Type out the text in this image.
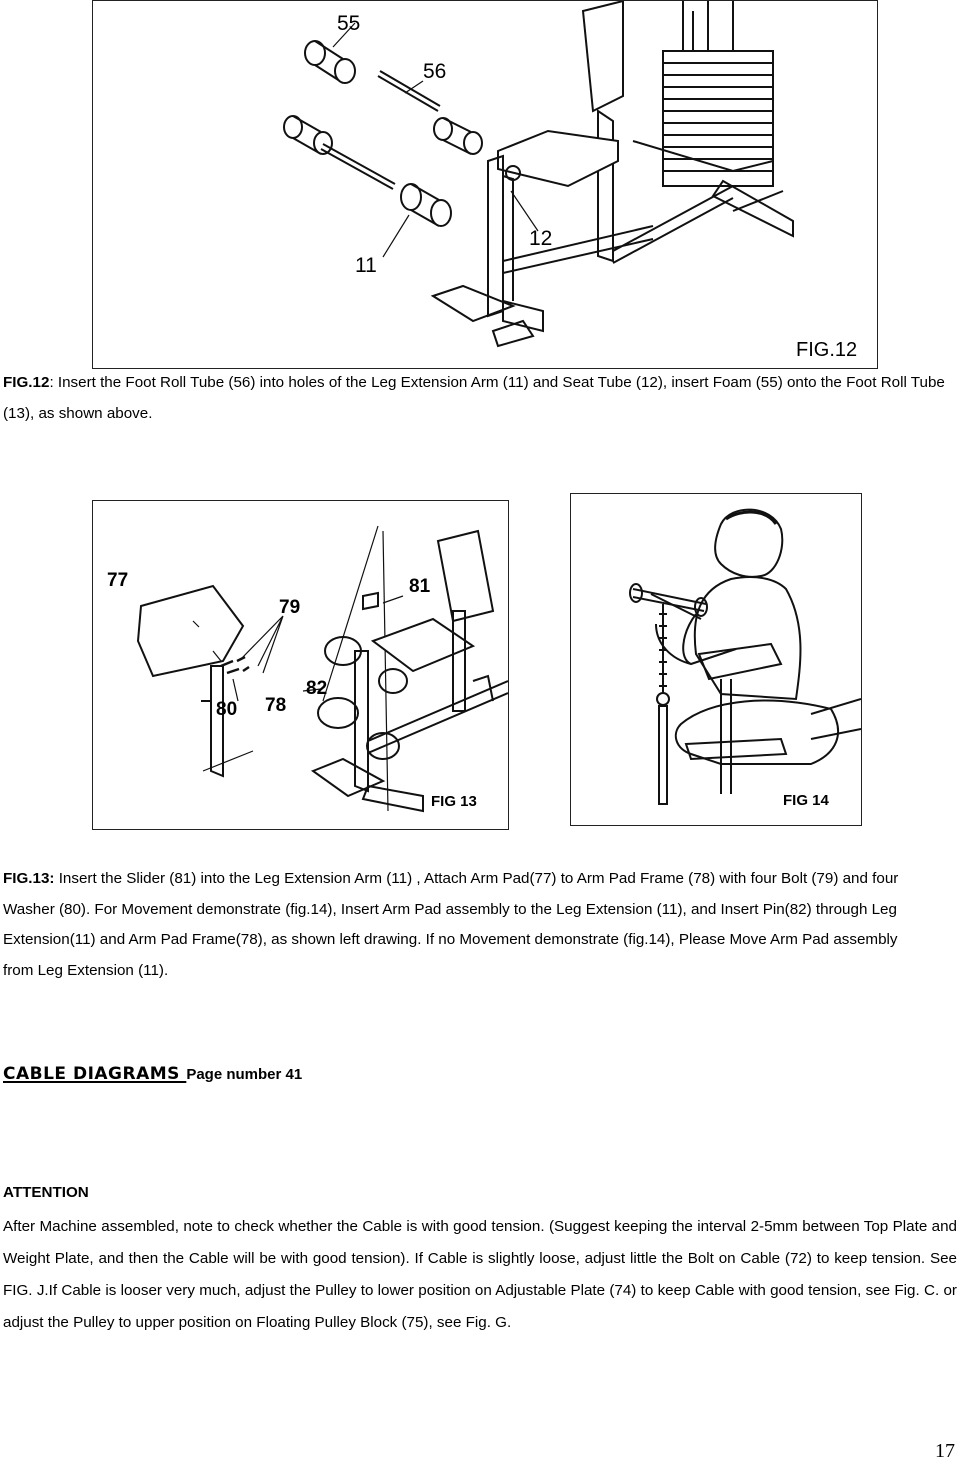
55
56
11
12
FIG.12
FIG.12: Insert the Foot Roll Tube (56) into holes of the Leg Extension Arm (11) and Seat Tube (12), insert Foam (55) onto the Foot Roll Tube (13), as shown above.
77
79
81
80 78
82
FIG 13	FIG 14
FIG.13: Insert the Slider (81) into the Leg Extension Arm (11) , Attach Arm Pad(77) to Arm Pad Frame (78) with four Bolt (79) and four Washer (80). For Movement demonstrate (fig.14), Insert Arm Pad assembly to the Leg Extension (11), and Insert Pin(82) through Leg Extension(11) and Arm Pad Frame(78), as shown left drawing. If no Movement demonstrate (fig.14), Please Move Arm Pad assembly from Leg Extension (11).
CABLE DIAGRAMS Page number 41
ATTENTION
After Machine assembled, note to check whether the Cable is with good tension. (Suggest keeping the interval 2-5mm between Top Plate and Weight Plate, and then the Cable will be with good tension). If Cable is slightly loose, adjust little the Bolt on Cable (72) to keep tension. See FIG. J.If Cable is looser very much, adjust the Pulley to lower position on Adjustable Plate (74) to keep Cable with good tension, see Fig. C. or adjust the Pulley to upper position on Floating Pulley Block (75), see Fig. G.
17
